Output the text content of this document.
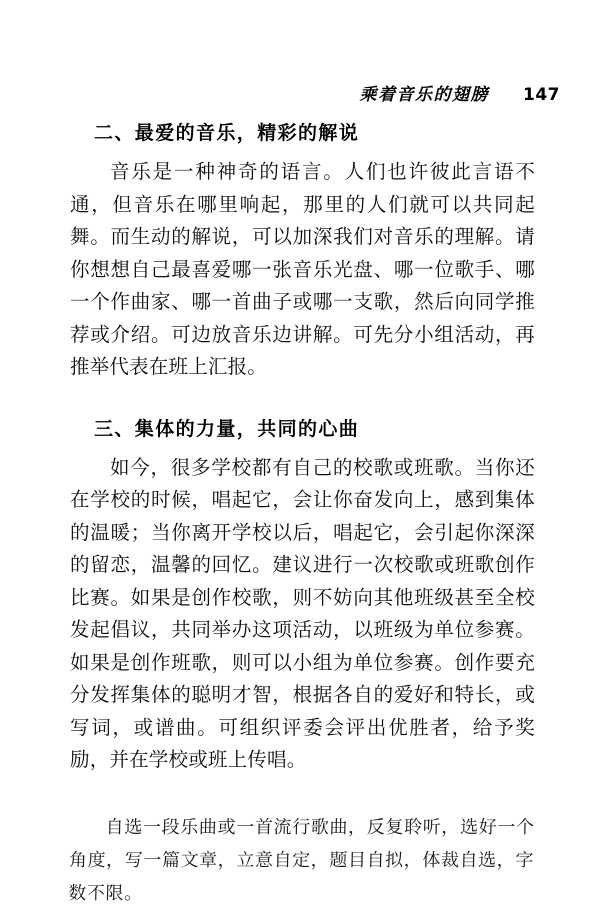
乘着音乐的翅膀 147
二、最爱的音乐，精彩的解说

音乐是一种神奇的语言。人们也许彼此言语不通，但音乐在哪里响起，那里的人们就可以共同起舞。而生动的解说，可以加深我们对音乐的理解。请你想想自己最喜爱哪一张音乐光盘、哪一位歌手、哪一个作曲家、哪一首曲子或哪一支歌，然后向同学推荐或介绍。可边放音乐边讲解。可先分小组活动，再推举代表在班上汇报。

三、集体的力量，共同的心曲

如今，很多学校都有自己的校歌或班歌。当你还在学校的时候，唱起它，会让你奋发向上，感到集体的温暖；当你离开学校以后，唱起它，会引起你深深的留恋，温馨的回忆。建议进行一次校歌或班歌创作比赛。如果是创作校歌，则不妨向其他班级甚至全校发起倡议，共同举办这项活动，以班级为单位参赛。如果是创作班歌，则可以小组为单位参赛。创作要充分发挥集体的聪明才智，根据各自的爱好和特长，或写词，或谱曲。可组织评委会评出优胜者，给予奖励，并在学校或班上传唱。

自选一段乐曲或一首流行歌曲，反复聆听，选好一个角度，写一篇文章，立意自定，题目自拟，体裁自选，字数不限。
